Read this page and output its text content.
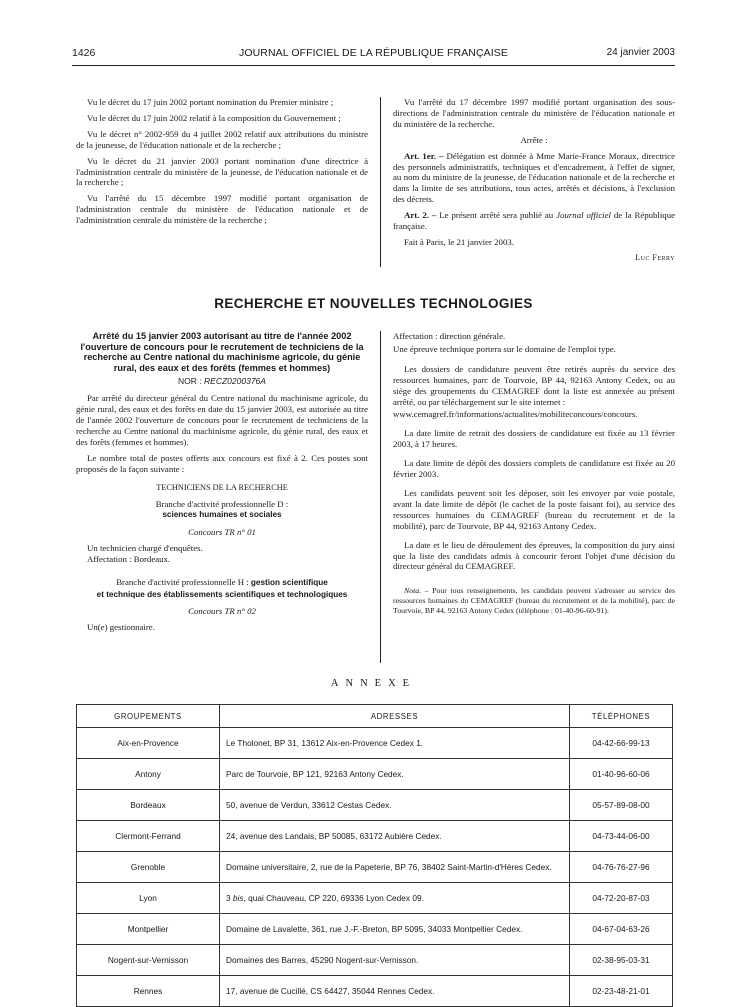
1426	JOURNAL OFFICIEL DE LA RÉPUBLIQUE FRANÇAISE	24 janvier 2003

Vu le décret du 17 juin 2002 portant nomination du Premier ministre ;

Vu le décret du 17 juin 2002 relatif à la composition du Gouvernement ;

Vu le décret n° 2002-959 du 4 juillet 2002 relatif aux attributions du ministre de la jeunesse, de l'éducation nationale et de la recherche ;

Vu le décret du 21 janvier 2003 portant nomination d'une directrice à l'administration centrale du ministère de la jeunesse, de l'éducation nationale et de la recherche ;

Vu l'arrêté du 15 décembre 1997 modifié portant organisation de l'administration centrale du ministère de l'éducation nationale et de l'administration centrale du ministère de la recherche ;

Vu l'arrêté du 17 décembre 1997 modifié portant organisation des sous-directions de l'administration centrale du ministère de l'éducation nationale et du ministère de la recherche.

Arrête :

Art. 1er. – Délégation est donnée à Mme Marie-France Moraux, directrice des personnels administratifs, techniques et d'encadrement, à l'effet de signer, au nom du ministre de la jeunesse, de l'éducation nationale et de la recherche et dans la limite de ses attributions, tous actes, arrêtés et décisions, à l'exclusion des décrets.

Art. 2. – Le présent arrêté sera publié au Journal officiel de la République française.

Fait à Paris, le 21 janvier 2003.

Luc Ferry

RECHERCHE ET NOUVELLES TECHNOLOGIES
Arrêté du 15 janvier 2003 autorisant au titre de l'année 2002 l'ouverture de concours pour le recrutement de techniciens de la recherche au Centre national du machinisme agricole, du génie rural, des eaux et des forêts (femmes et hommes)
NOR : RECZ0200376A

Par arrêté du directeur général du Centre national du machinisme agricole, du génie rural, des eaux et des forêts en date du 15 janvier 2003, est autorisée au titre de l'année 2002 l'ouverture de concours pour le recrutement de techniciens de la recherche au Centre national du machinisme agricole, du génie rural, des eaux et des forêts (femmes et hommes).

Le nombre total de postes offerts aux concours est fixé à 2. Ces postes sont proposés de la façon suivante :

TECHNICIENS DE LA RECHERCHE

Branche d'activité professionnelle D :
sciences humaines et sociales

Concours TR n° 01

Un technicien chargé d'enquêtes.
Affectation : Bordeaux.

Branche d'activité professionnelle H : gestion scientifique
et technique des établissements scientifiques et technologiques

Concours TR n° 02

Un(e) gestionnaire.

Affectation : direction générale.

Une épreuve technique portera sur le domaine de l'emploi type.

Les dossiers de candidature peuvent être retirés auprès du service des ressources humaines, parc de Tourvoie, BP 44, 92163 Antony Cedex, ou au siège des groupements du CEMAGREF dont la liste est annexée au présent arrêté, ou par téléchargement sur le site internet :

www.cemagref.fr/informations/actualites/mobiliteconcours/concours.

La date limite de retrait des dossiers de candidature est fixée au 13 février 2003, à 17 heures.

La date limite de dépôt des dossiers complets de candidature est fixée au 20 février 2003.

Les candidats peuvent soit les déposer, soit les envoyer par voie postale, avant la date limite de dépôt (le cachet de la poste faisant foi), au service des ressources humaines du CEMAGREF (bureau du recrutement et de la mobilité), parc de Tourvoie, BP 44, 92163 Antony Cedex.

La date et le lieu de déroulement des épreuves, la composition du jury ainsi que la liste des candidats admis à concourir feront l'objet d'une décision du directeur général du CEMAGREF.

Nota. – Pour tous renseignements, les candidats peuvent s'adresser au service des ressources humaines du CEMAGREF (bureau du recrutement et de la mobilité), parc de Tourvoie, BP 44, 92163 Antony Cedex (téléphone : 01-40-96-60-91).

ANNEXE
GROUPEMENTS	ADRESSES	TÉLÉPHONES
Aix-en-Provence	Le Tholonet, BP 31, 13612 Aix-en-Provence Cedex 1.	04-42-66-99-13
Antony	Parc de Tourvoie, BP 121, 92163 Antony Cedex.	01-40-96-60-06
Bordeaux	50, avenue de Verdun, 33612 Cestas Cedex.	05-57-89-08-00
Clermont-Ferrand	24, avenue des Landais, BP 50085, 63172 Aubière Cedex.	04-73-44-06-00
Grenoble	Domaine universitaire, 2, rue de la Papeterie, BP 76, 38402 Saint-Martin-d'Hères Cedex.	04-76-76-27-96
Lyon	3 bis, quai Chauveau, CP 220, 69336 Lyon Cedex 09.	04-72-20-87-03
Montpellier	Domaine de Lavalette, 361, rue J.-F.-Breton, BP 5095, 34033 Montpellier Cedex.	04-67-04-63-26
Nogent-sur-Vernisson	Domaines des Barres, 45290 Nogent-sur-Vernisson.	02-38-95-03-31
Rennes	17, avenue de Cucillé, CS 64427, 35044 Rennes Cedex.	02-23-48-21-01
